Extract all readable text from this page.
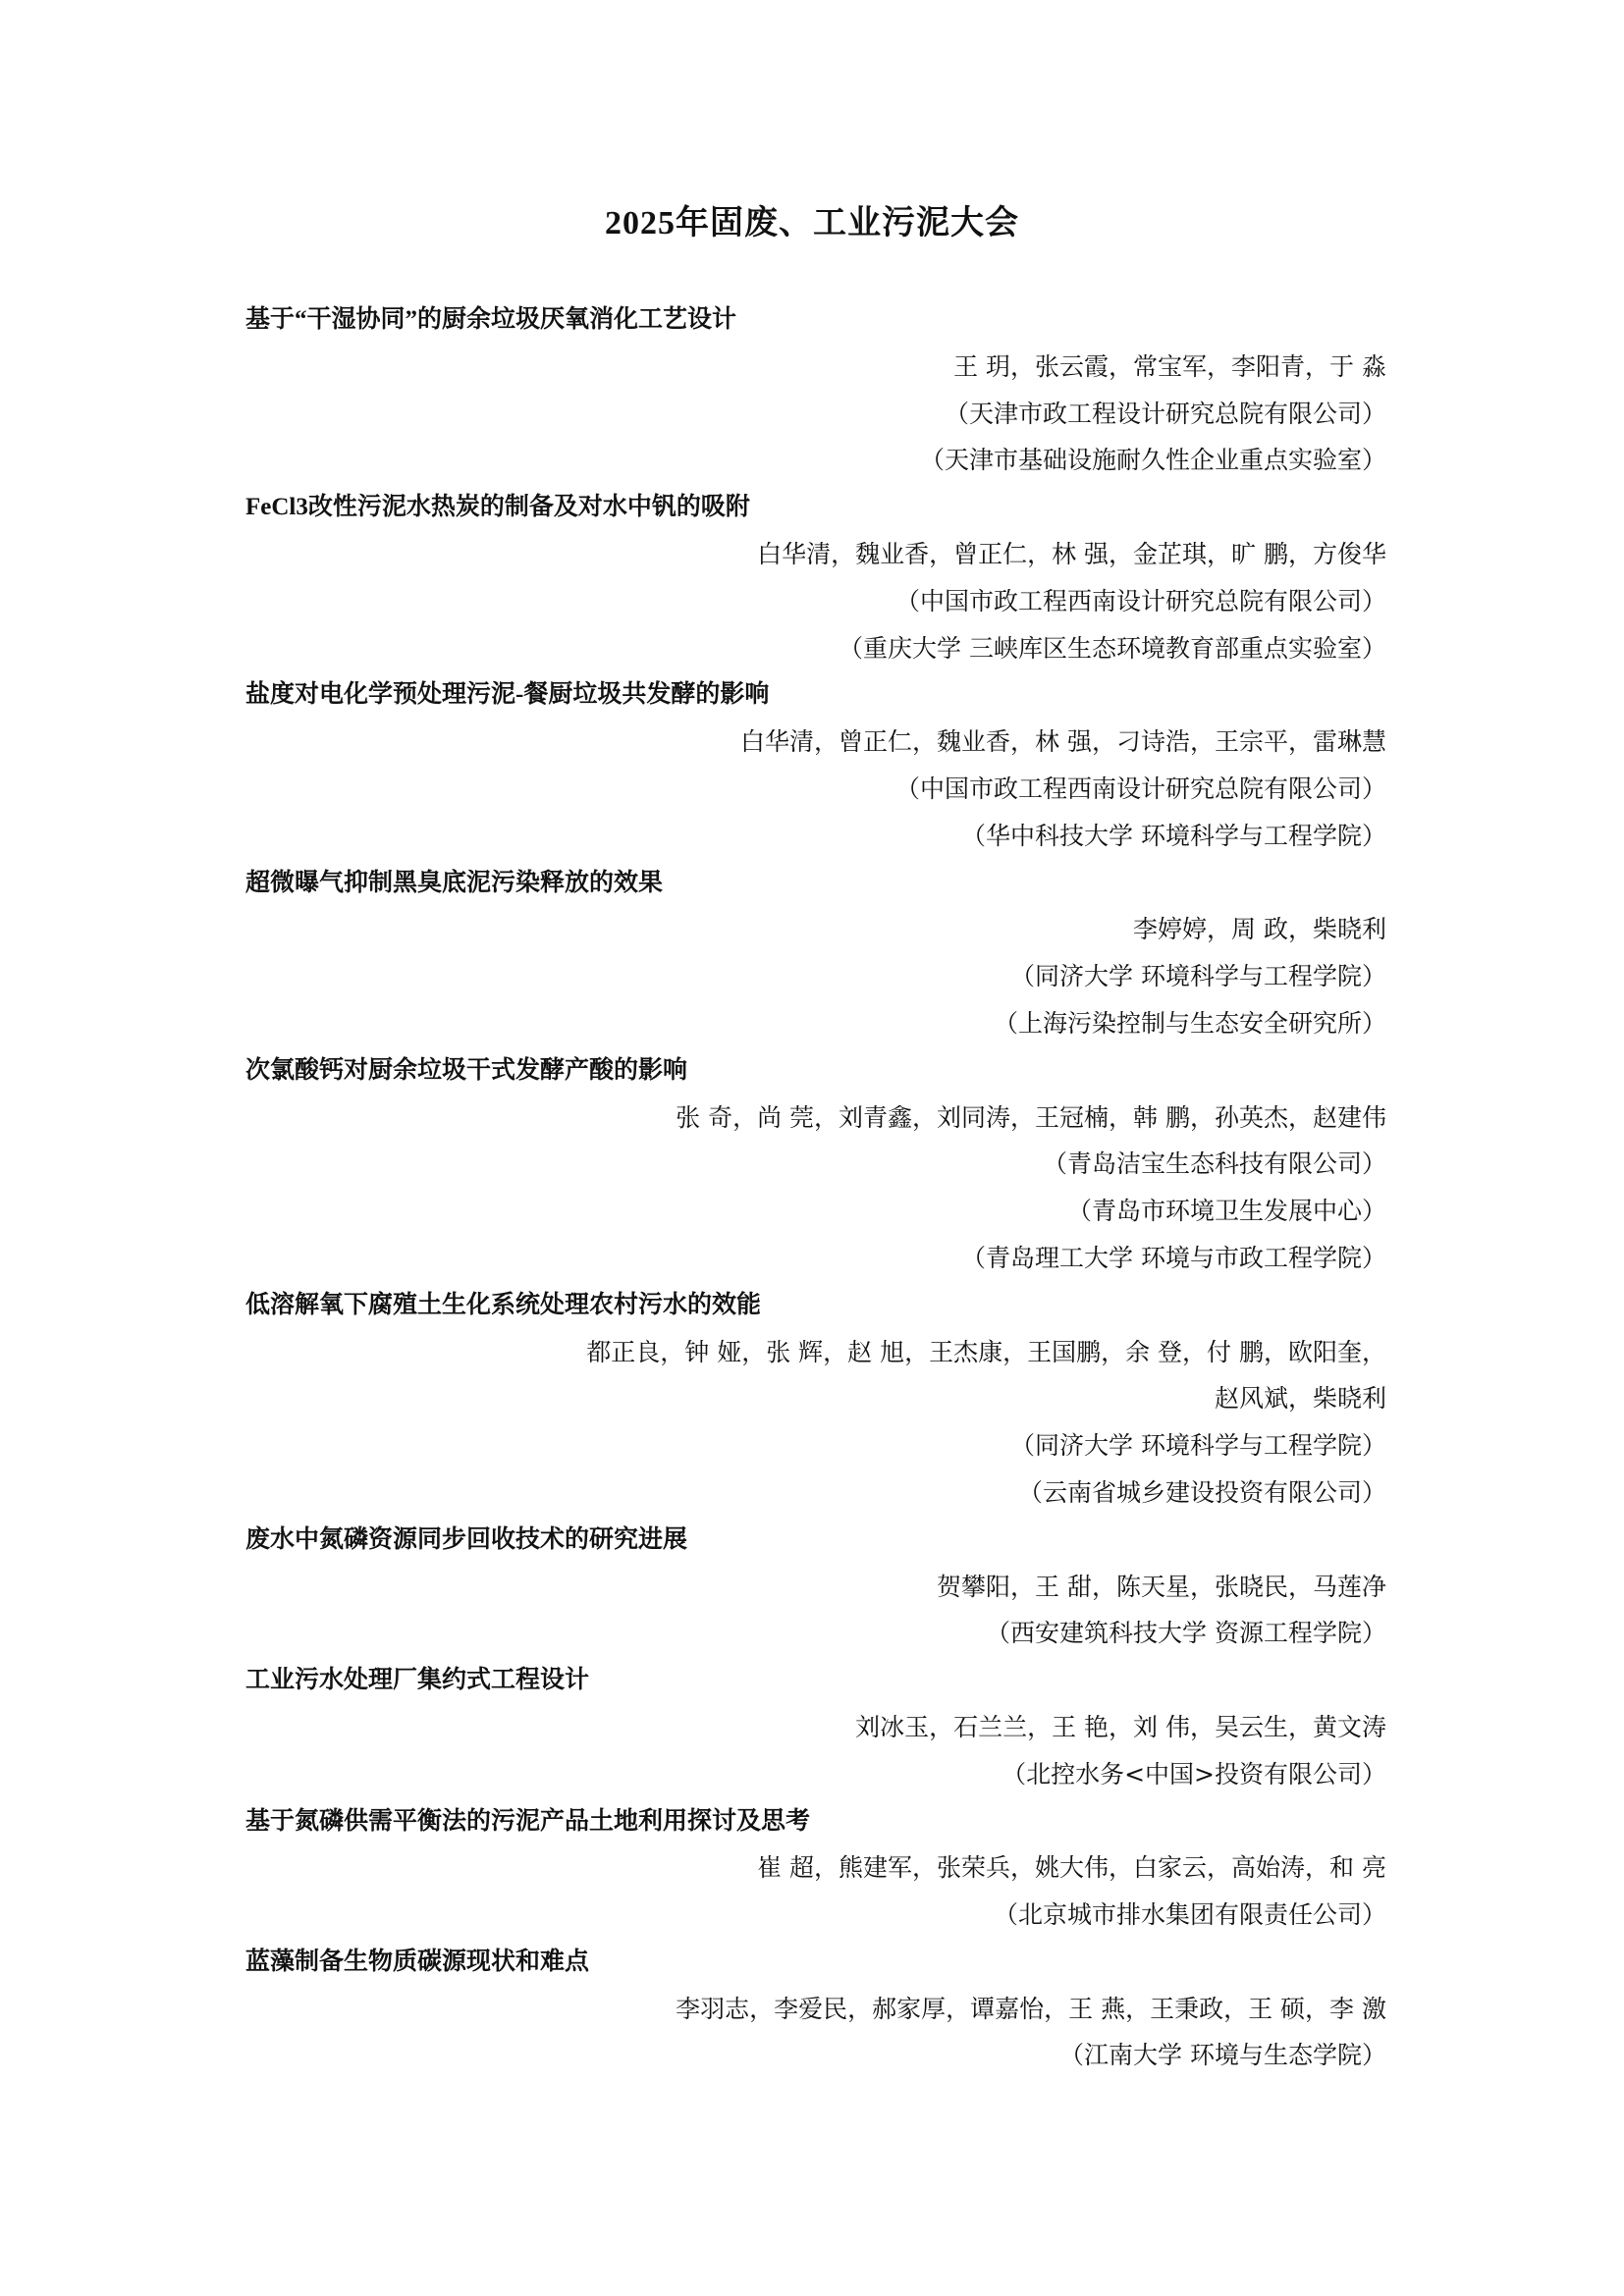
2025年固废、工业污泥大会
基于“干湿协同”的厨余垃圾厌氧消化工艺设计
王 玥，张云霞，常宝军，李阳青，于 淼
（天津市政工程设计研究总院有限公司）
（天津市基础设施耐久性企业重点实验室）
FeCl3改性污泥水热炭的制备及对水中钒的吸附
白华清，魏业香，曾正仁，林 强，金芷琪，旷 鹏，方俊华
（中国市政工程西南设计研究总院有限公司）
（重庆大学 三峡库区生态环境教育部重点实验室）
盐度对电化学预处理污泥-餐厨垃圾共发酵的影响
白华清，曾正仁，魏业香，林 强，刁诗浩，王宗平，雷琳慧
（中国市政工程西南设计研究总院有限公司）
（华中科技大学 环境科学与工程学院）
超微曝气抑制黑臭底泥污染释放的效果
李婷婷，周 政，柴晓利
（同济大学 环境科学与工程学院）
（上海污染控制与生态安全研究所）
次氯酸钙对厨余垃圾干式发酵产酸的影响
张 奇，尚 莞，刘青鑫，刘同涛，王冠楠，韩 鹏，孙英杰，赵建伟
（青岛洁宝生态科技有限公司）
（青岛市环境卫生发展中心）
（青岛理工大学 环境与市政工程学院）
低溶解氧下腐殖土生化系统处理农村污水的效能
都正良，钟 娅，张 辉，赵 旭，王杰康，王国鹏，余 登，付 鹏，欧阳奎，
赵风斌，柴晓利
（同济大学 环境科学与工程学院）
（云南省城乡建设投资有限公司）
废水中氮磷资源同步回收技术的研究进展
贺攀阳，王 甜，陈天星，张晓民，马莲净
（西安建筑科技大学 资源工程学院）
工业污水处理厂集约式工程设计
刘冰玉，石兰兰，王 艳，刘 伟，吴云生，黄文涛
（北控水务<中国>投资有限公司）
基于氮磷供需平衡法的污泥产品土地利用探讨及思考
崔 超，熊建军，张荣兵，姚大伟，白家云，高始涛，和 亮
（北京城市排水集团有限责任公司）
蓝藻制备生物质碳源现状和难点
李羽志，李爱民，郝家厚，谭嘉怡，王 燕，王秉政，王 硕，李 激
（江南大学 环境与生态学院）
